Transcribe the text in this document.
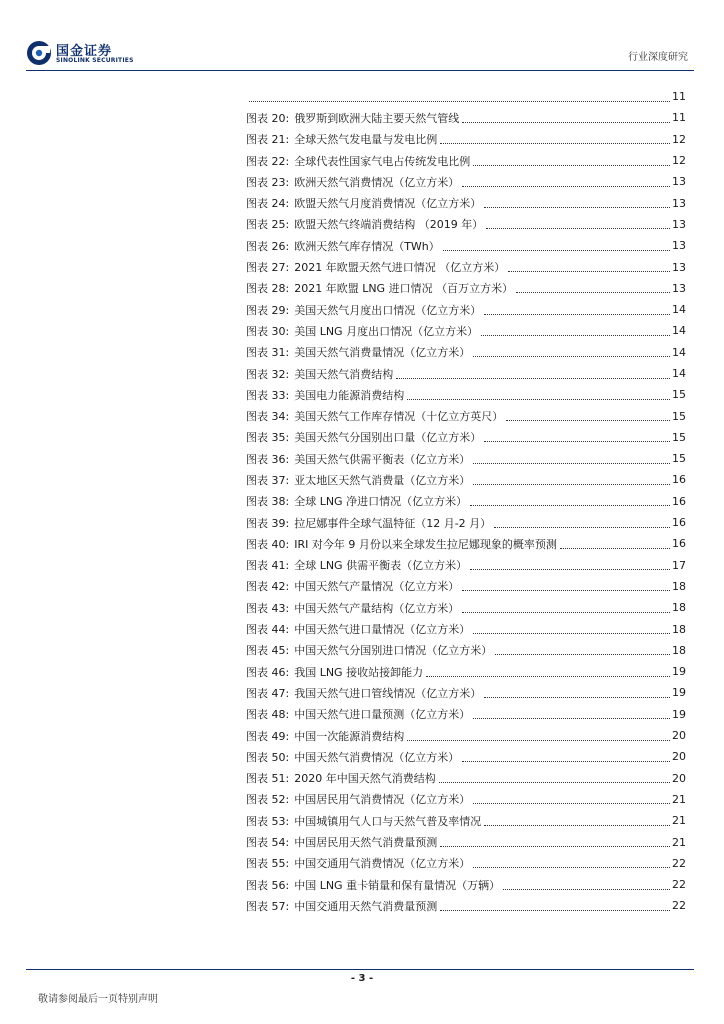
国金证券
SINOLINK SECURITIES	行业深度研究
11
图表 20: 俄罗斯到欧洲大陆主要天然气管线	11
图表 21: 全球天然气发电量与发电比例	12
图表 22: 全球代表性国家气电占传统发电比例	12
图表 23: 欧洲天然气消费情况（亿立方米）	13
图表 24: 欧盟天然气月度消费情况（亿立方米）	13
图表 25: 欧盟天然气终端消费结构 （2019 年）	13
图表 26: 欧洲天然气库存情况（TWh）	13
图表 27: 2021 年欧盟天然气进口情况 （亿立方米）	13
图表 28: 2021 年欧盟 LNG 进口情况 （百万立方米）	13
图表 29: 美国天然气月度出口情况（亿立方米）	14
图表 30: 美国 LNG 月度出口情况（亿立方米）	14
图表 31: 美国天然气消费量情况（亿立方米）	14
图表 32: 美国天然气消费结构	14
图表 33: 美国电力能源消费结构	15
图表 34: 美国天然气工作库存情况（十亿立方英尺）	15
图表 35: 美国天然气分国别出口量（亿立方米）	15
图表 36: 美国天然气供需平衡表（亿立方米）	15
图表 37: 亚太地区天然气消费量（亿立方米）	16
图表 38: 全球 LNG 净进口情况（亿立方米）	16
图表 39: 拉尼娜事件全球气温特征（12 月-2 月）	16
图表 40: IRI 对今年 9 月份以来全球发生拉尼娜现象的概率预测	16
图表 41: 全球 LNG 供需平衡表（亿立方米）	17
图表 42: 中国天然气产量情况（亿立方米）	18
图表 43: 中国天然气产量结构（亿立方米）	18
图表 44: 中国天然气进口量情况（亿立方米）	18
图表 45: 中国天然气分国别进口情况（亿立方米）	18
图表 46: 我国 LNG 接收站接卸能力	19
图表 47: 我国天然气进口管线情况（亿立方米）	19
图表 48: 中国天然气进口量预测（亿立方米）	19
图表 49: 中国一次能源消费结构	20
图表 50: 中国天然气消费情况（亿立方米）	20
图表 51: 2020 年中国天然气消费结构	20
图表 52: 中国居民用气消费情况（亿立方米）	21
图表 53: 中国城镇用气人口与天然气普及率情况	21
图表 54: 中国居民用天然气消费量预测	21
图表 55: 中国交通用气消费情况（亿立方米）	22
图表 56: 中国 LNG 重卡销量和保有量情况（万辆）	22
图表 57: 中国交通用天然气消费量预测	22
- 3 -
敬请参阅最后一页特别声明
